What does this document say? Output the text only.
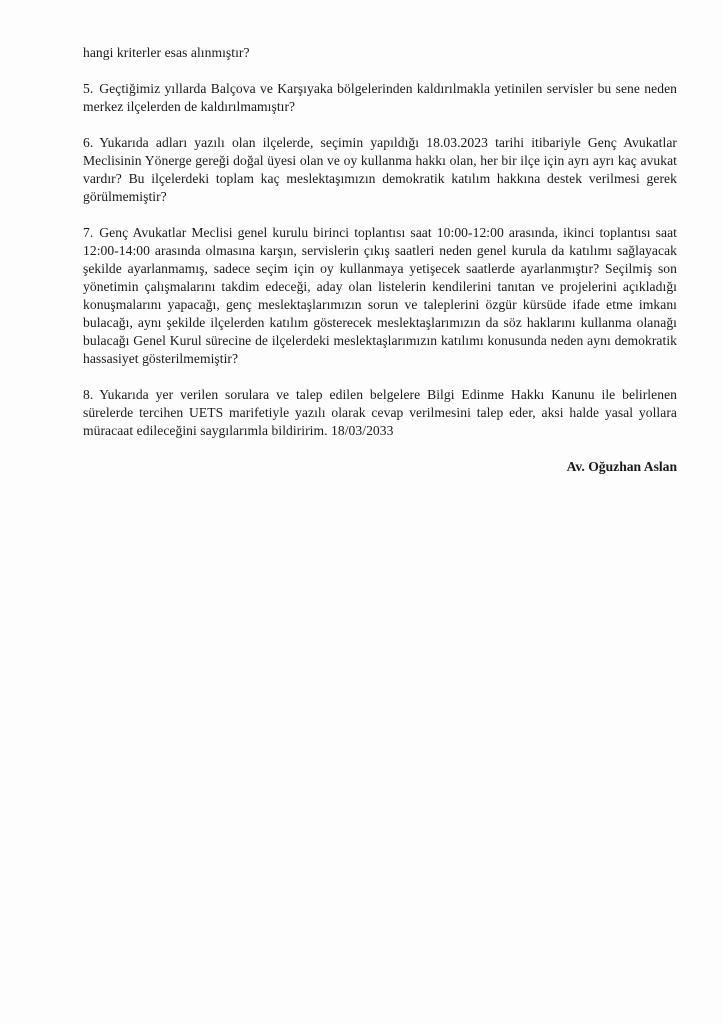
hangi kriterler esas alınmıştır?

5. Geçtiğimiz yıllarda Balçova ve Karşıyaka bölgelerinden kaldırılmakla yetinilen servisler bu sene neden merkez ilçelerden de kaldırılmamıştır?

6. Yukarıda adları yazılı olan ilçelerde, seçimin yapıldığı 18.03.2023 tarihi itibariyle Genç Avukatlar Meclisinin Yönerge gereği doğal üyesi olan ve oy kullanma hakkı olan, her bir ilçe için ayrı ayrı kaç avukat vardır? Bu ilçelerdeki toplam kaç meslektaşımızın demokratik katılım hakkına destek verilmesi gerek görülmemiştir?

7. Genç Avukatlar Meclisi genel kurulu birinci toplantısı saat 10:00-12:00 arasında, ikinci toplantısı saat 12:00-14:00 arasında olmasına karşın, servislerin çıkış saatleri neden genel kurula da katılımı sağlayacak şekilde ayarlanmamış, sadece seçim için oy kullanmaya yetişecek saatlerde ayarlanmıştır? Seçilmiş son yönetimin çalışmalarını takdim edeceği, aday olan listelerin kendilerini tanıtan ve projelerini açıkladığı konuşmalarını yapacağı, genç meslektaşlarımızın sorun ve taleplerini özgür kürsüde ifade etme imkanı bulacağı, aynı şekilde ilçelerden katılım gösterecek meslektaşlarımızın da söz haklarını kullanma olanağı bulacağı Genel Kurul sürecine de ilçelerdeki meslektaşlarımızın katılımı konusunda neden aynı demokratik hassasiyet gösterilmemiştir?

8. Yukarıda yer verilen sorulara ve talep edilen belgelere Bilgi Edinme Hakkı Kanunu ile belirlenen sürelerde tercihen UETS marifetiyle yazılı olarak cevap verilmesini talep eder, aksi halde yasal yollara müracaat edileceğini saygılarımla bildiririm. 18/03/2033

Av. Oğuzhan Aslan
